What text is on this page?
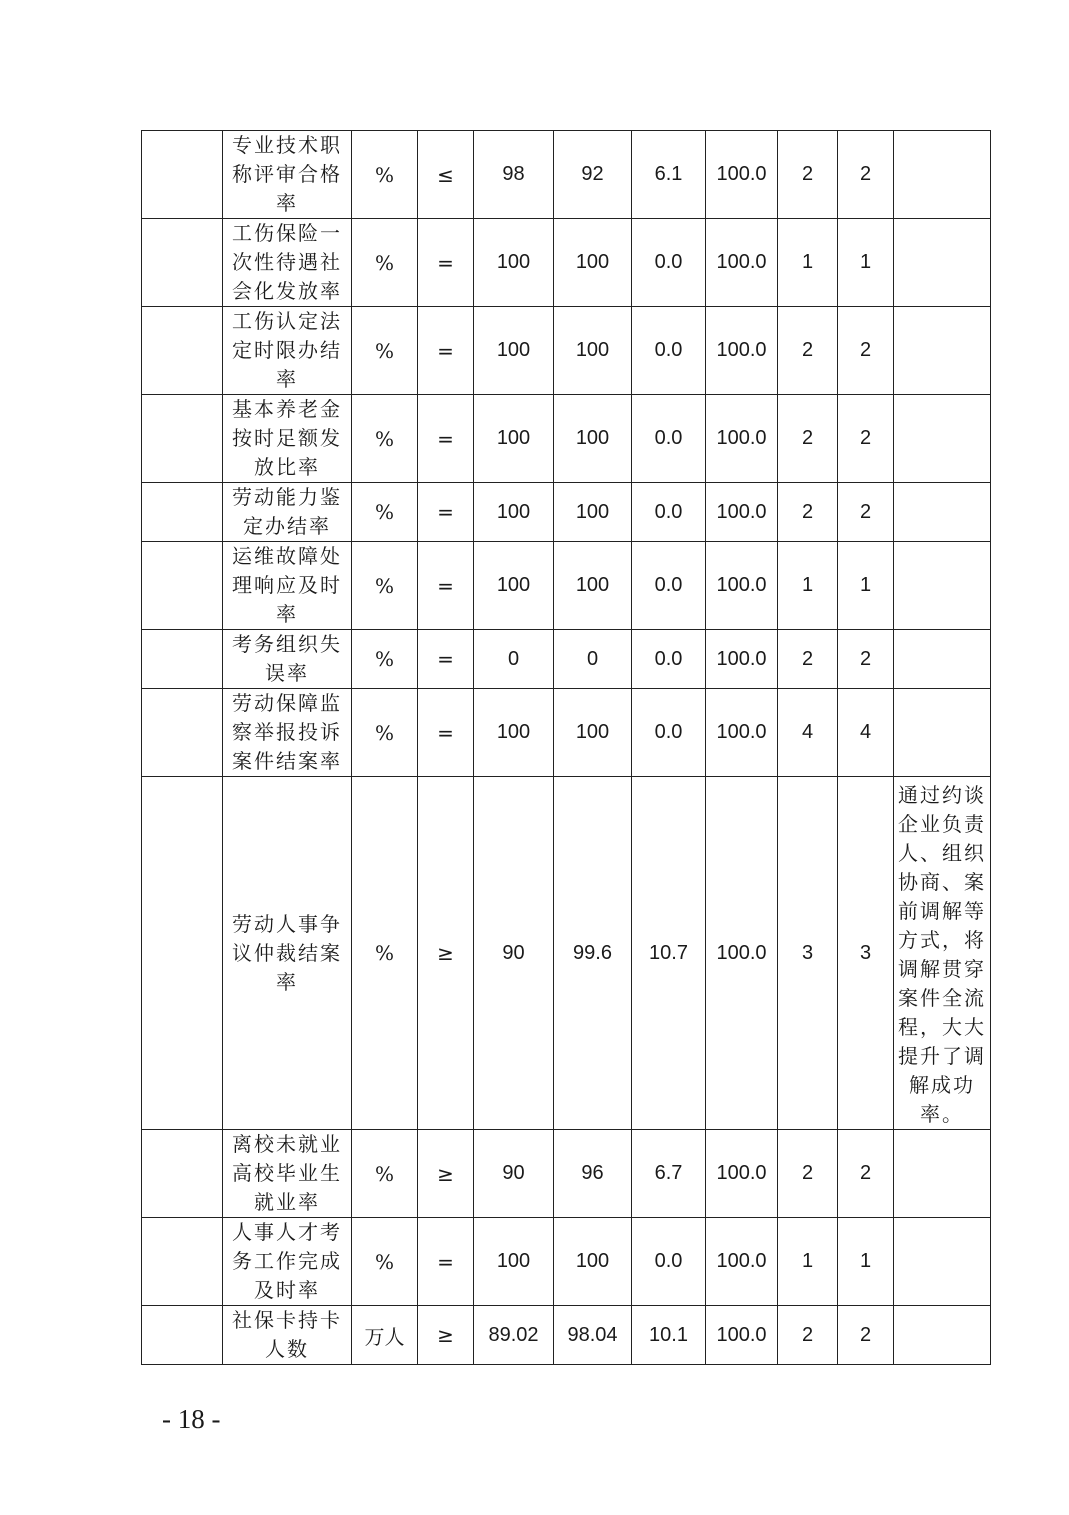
	专业技术职称评审合格率	%	≤	98	92	6.1	100.0	2	2	
	工伤保险一次性待遇社会化发放率	%	=	100	100	0.0	100.0	1	1	
	工伤认定法定时限办结率	%	=	100	100	0.0	100.0	2	2	
	基本养老金按时足额发放比率	%	=	100	100	0.0	100.0	2	2	
	劳动能力鉴定办结率	%	=	100	100	0.0	100.0	2	2	
	运维故障处理响应及时率	%	=	100	100	0.0	100.0	1	1	
	考务组织失误率	%	=	0	0	0.0	100.0	2	2	
	劳动保障监察举报投诉案件结案率	%	=	100	100	0.0	100.0	4	4	
	劳动人事争议仲裁结案率	%	≥	90	99.6	10.7	100.0	3	3	通过约谈企业负责人、组织协商、案前调解等方式，将调解贯穿案件全流程，大大提升了调解成功率。
	离校未就业高校毕业生就业率	%	≥	90	96	6.7	100.0	2	2	
	人事人才考务工作完成及时率	%	=	100	100	0.0	100.0	1	1	
	社保卡持卡人数	万人	≥	89.02	98.04	10.1	100.0	2	2	
- 18 -
